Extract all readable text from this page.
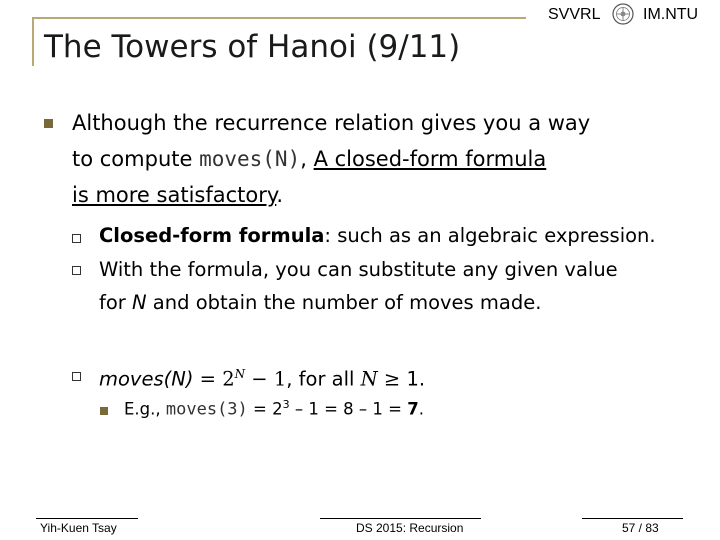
The Towers of Hanoi (9/11)
SVVRL	IM.NTU
Although the recurrence relation gives you a way
to compute moves(N), A closed-form formula
is more satisfactory.
Closed-form formula: such as an algebraic expression.
With the formula, you can substitute any given value
for N and obtain the number of moves made.
moves(N) = $2^N - 1$, for all N ≥ 1.
E.g., moves(3) = $2^3 - 1 = 8 - 1 = 7$.
Yih-Kuen Tsay	DS 2015: Recursion	57 / 83
